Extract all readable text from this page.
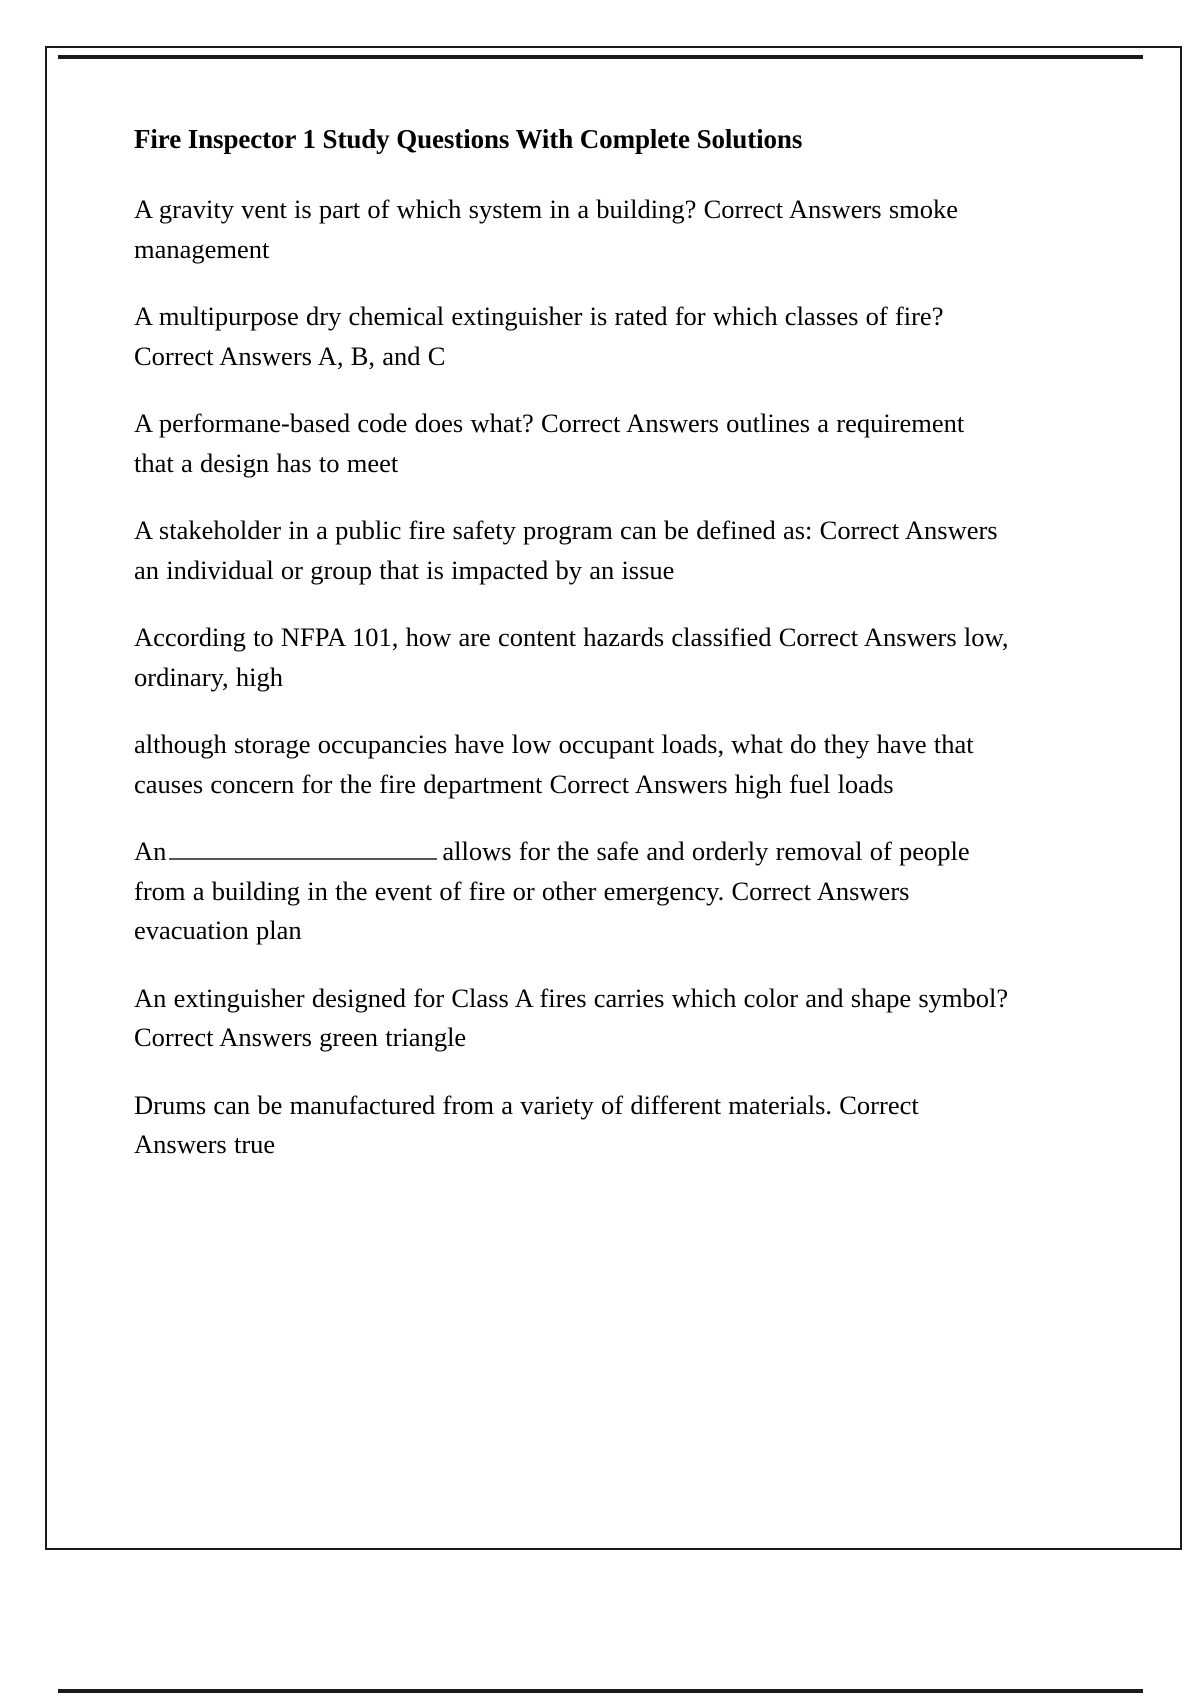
Fire Inspector 1 Study Questions With Complete Solutions

A gravity vent is part of which system in a building? Correct Answers smoke management

A multipurpose dry chemical extinguisher is rated for which classes of fire? Correct Answers A, B, and C

A performane-based code does what? Correct Answers outlines a requirement that a design has to meet

A stakeholder in a public fire safety program can be defined as: Correct Answers an individual or group that is impacted by an issue

According to NFPA 101, how are content hazards classified Correct Answers low, ordinary, high

although storage occupancies have low occupant loads, what do they have that causes concern for the fire department Correct Answers high fuel loads

An	allows for the safe and orderly removal of people from a building in the event of fire or other emergency. Correct Answers evacuation plan

An extinguisher designed for Class A fires carries which color and shape symbol? Correct Answers green triangle

Drums can be manufactured from a variety of different materials. Correct Answers true
